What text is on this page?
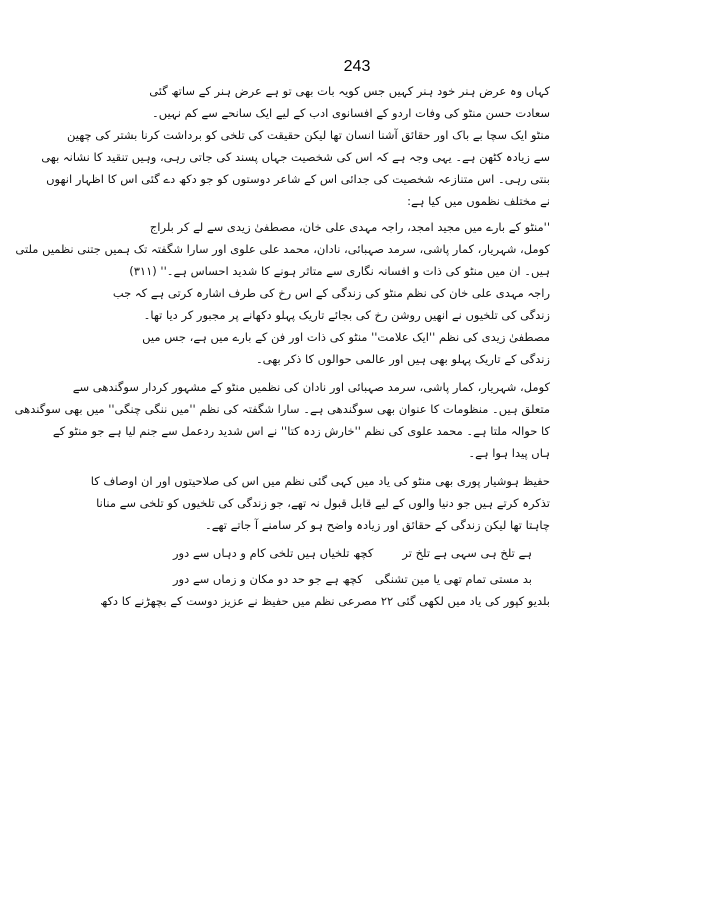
243
کہاں وہ عرض ہنر خود ہنر کہیں جس کو
یہ بات بھی تو ہے عرض ہنر کے ساتھ گئی
سعادت حسن منٹو کی وفات اردو کے افسانوی ادب کے لیے ایک سانحے سے کم نہیں۔
منٹو ایک سچا بے باک اور حقائق آشنا انسان تھا لیکن حقیقت کی تلخی کو برداشت کرنا بشتر کی چھین
سے زیادہ کٹھن ہے۔ یہی وجہ ہے کہ اس کی شخصیت جہاں پسند کی جاتی رہی، وہیں تنقید کا نشانہ بھی
بنتی رہی۔ اس متنازعہ شخصیت کی جدائی اس کے شاعر دوستوں کو جو دکھ دے گئی اس کا اظہار انھوں
نے مختلف نظموں میں کیا ہے:
''منٹو کے بارے میں مجید امجد، راجہ مہدی علی خان، مصطفیٰ زیدی سے لے کر بلراج
کومل، شہریار، کمار پاشی، سرمد صہبائی، نادان، محمد علی علوی اور سارا شگفتہ تک ہمیں جتنی نظمیں ملتی
ہیں۔ ان میں منٹو کی ذات و افسانہ نگاری سے متاثر ہونے کا شدید احساس ہے۔'' (۳۱۱)
راجہ مہدی علی خان کی نظم منٹو کی زندگی کے اس رخ کی طرف اشارہ کرتی ہے کہ جب
زندگی کی تلخیوں نے انھیں روشن رخ کی بجائے تاریک پہلو دکھانے پر مجبور کر دیا تھا۔
مصطفیٰ زیدی کی نظم ''ایک علامت'' منٹو کی ذات اور فن کے بارے میں ہے، جس میں
زندگی کے تاریک پہلو بھی ہیں اور عالمی حوالوں کا ذکر بھی۔
کومل، شہریار، کمار پاشی، سرمد صہبائی اور نادان کی نظمیں منٹو کے مشہور کردار سوگندھی سے
متعلق ہیں۔ منظومات کا عنوان بھی سوگندھی ہے۔ سارا شگفتہ کی نظم ''میں ننگی چنگی'' میں بھی سوگندھی
کا حوالہ ملتا ہے۔ محمد علوی کی نظم ''خارش زدہ کتا'' نے اس شدید ردعمل سے جنم لیا ہے جو منٹو کے
ہاں پیدا ہوا ہے۔
حفیظ ہوشیار پوری بھی منٹو کی یاد میں کہی گئی نظم میں اس کی صلاحیتوں اور ان اوصاف کا
تذکرہ کرتے ہیں جو دنیا والوں کے لیے قابل قبول نہ تھے، جو زندگی کی تلخیوں کو تلخی سے منانا
چاہتا تھا لیکن زندگی کے حقائق اور زیادہ واضح ہو کر سامنے آ جاتے تھے۔
ہے تلخ ہی سہی ہے تلخ تر
کچھ تلخیاں ہیں تلخی کام و دہاں سے دور
بد مستی تمام تھی یا مین تشنگی
کچھ ہے جو حد دو مکان و زماں سے دور
بلدیو کپور کی یاد میں لکھی گئی ۲۲ مصرعی نظم میں حفیظ نے عزیز دوست کے بچھڑنے کا دکھ
